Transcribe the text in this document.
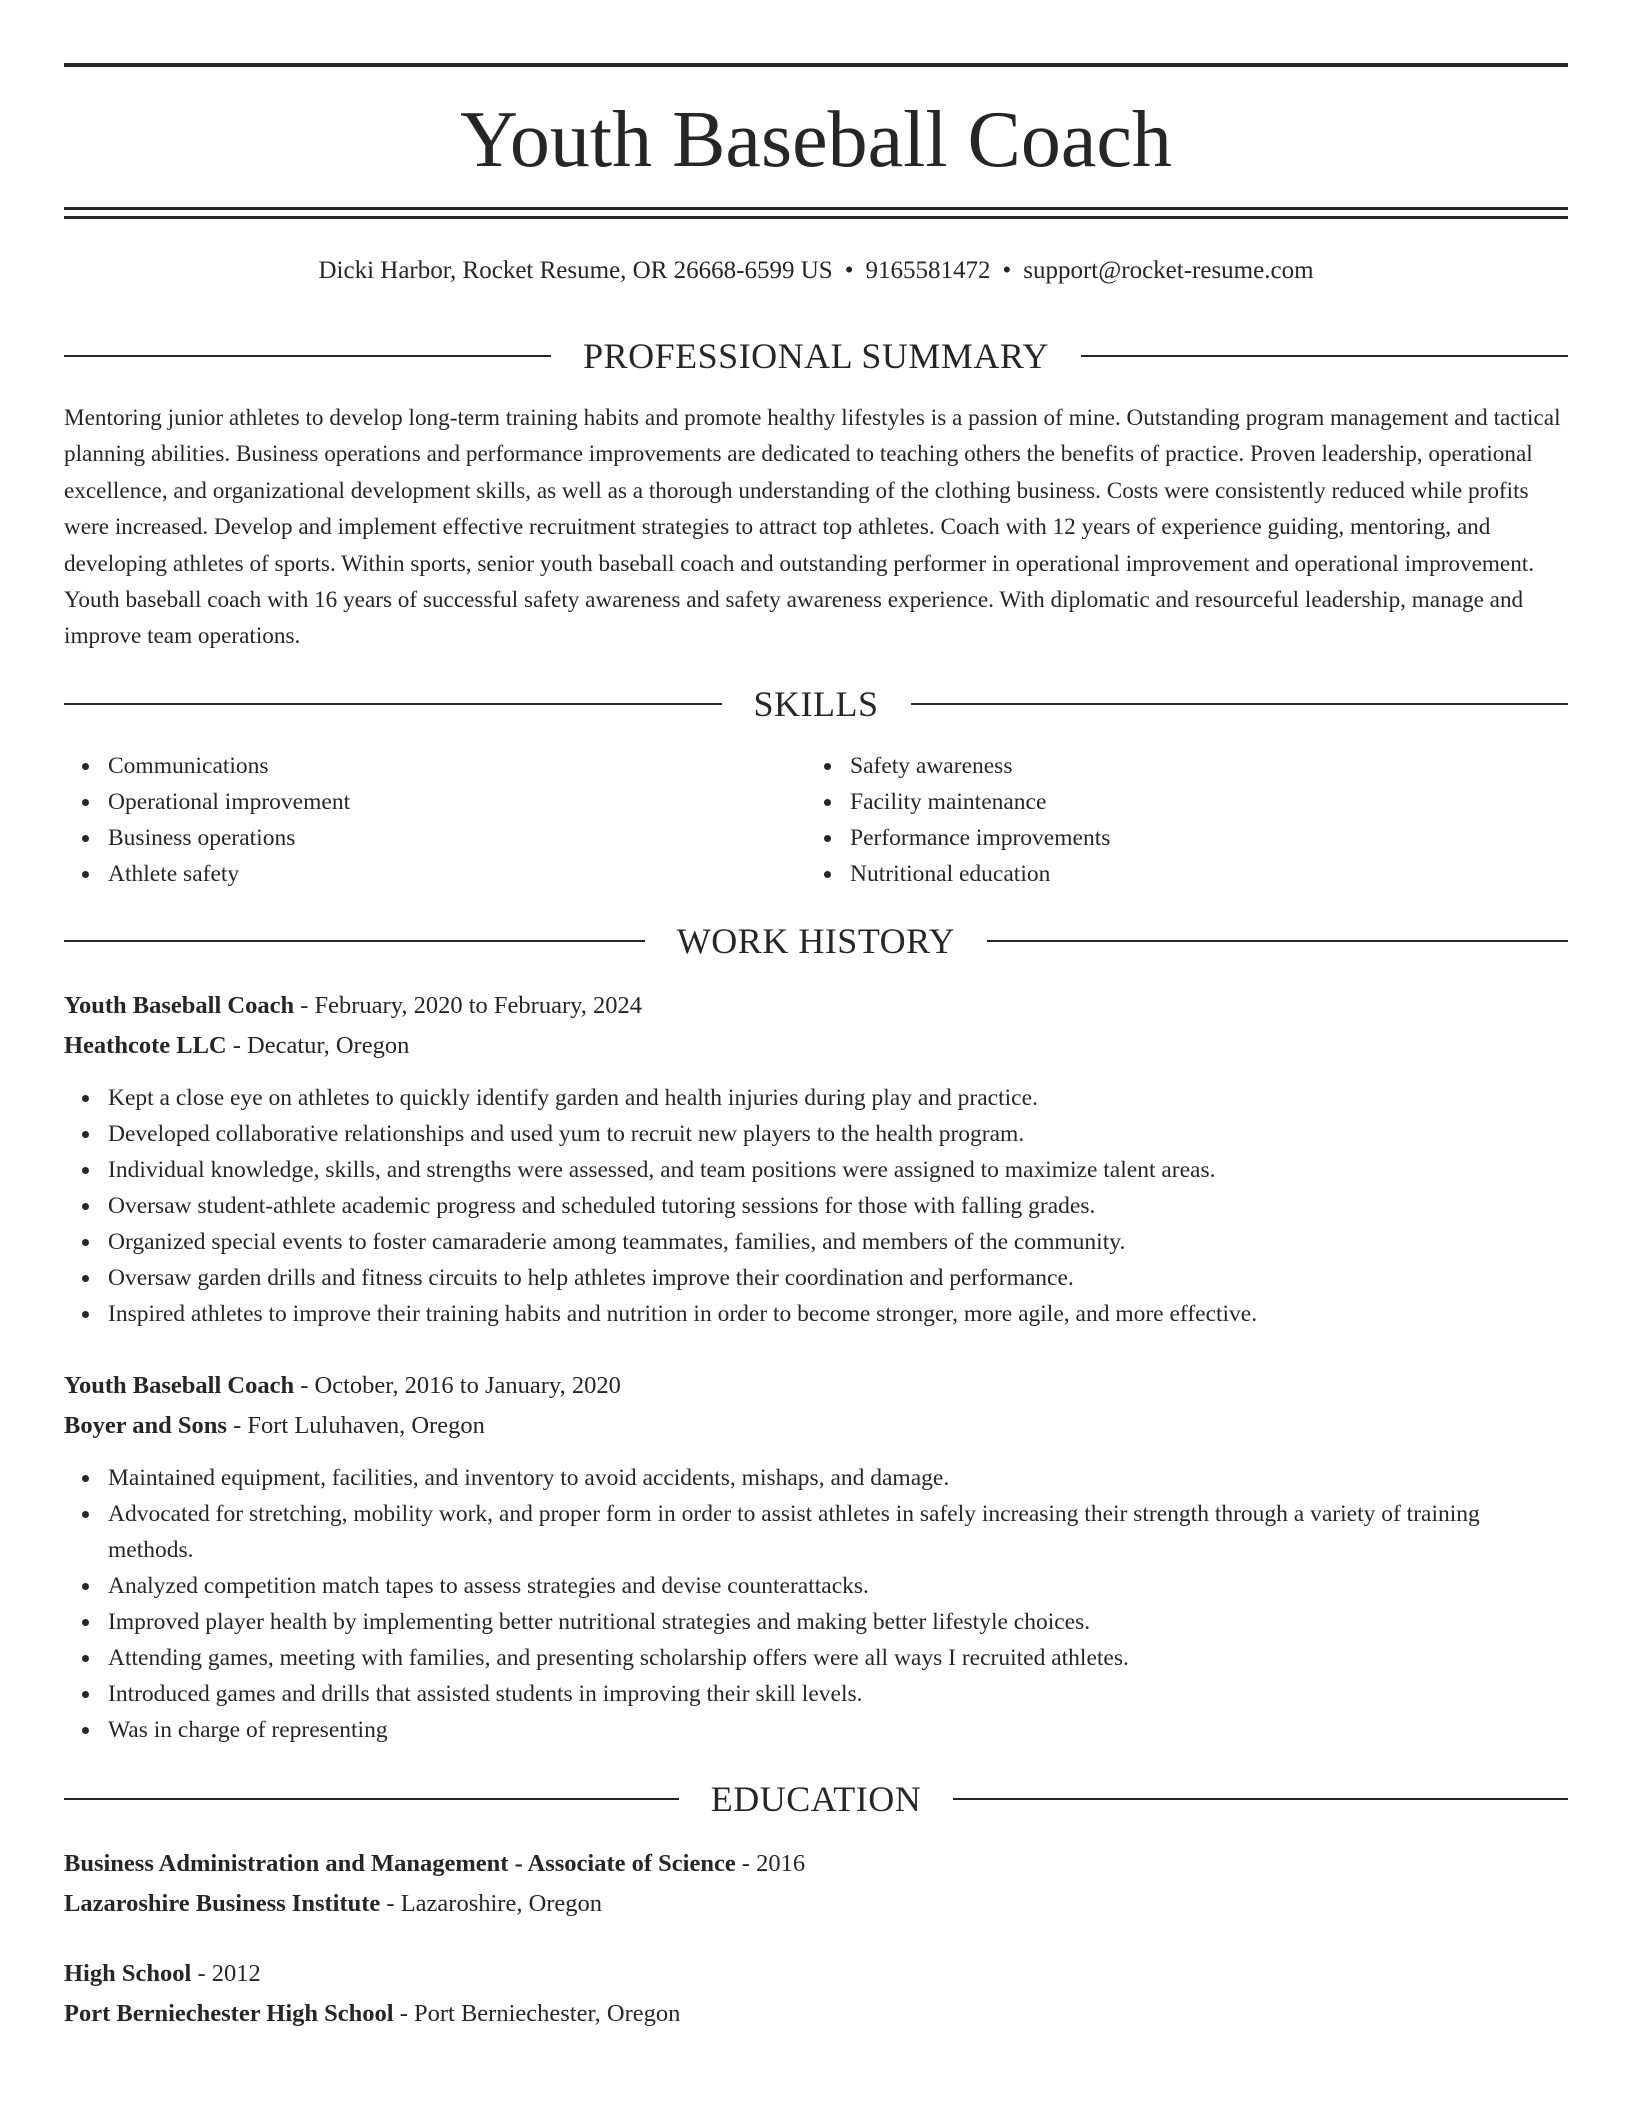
Youth Baseball Coach
Dicki Harbor, Rocket Resume, OR 26668-6599 US • 9165581472 • support@rocket-resume.com
PROFESSIONAL SUMMARY

Mentoring junior athletes to develop long-term training habits and promote healthy lifestyles is a passion of mine. Outstanding program management and tactical planning abilities. Business operations and performance improvements are dedicated to teaching others the benefits of practice. Proven leadership, operational excellence, and organizational development skills, as well as a thorough understanding of the clothing business. Costs were consistently reduced while profits were increased. Develop and implement effective recruitment strategies to attract top athletes. Coach with 12 years of experience guiding, mentoring, and developing athletes of sports. Within sports, senior youth baseball coach and outstanding performer in operational improvement and operational improvement. Youth baseball coach with 16 years of successful safety awareness and safety awareness experience. With diplomatic and resourceful leadership, manage and improve team operations.

SKILLS
Communications
Operational improvement
Business operations
Athlete safety
Safety awareness
Facility maintenance
Performance improvements
Nutritional education
WORK HISTORY
Youth Baseball Coach - February, 2020 to February, 2024
Heathcote LLC - Decatur, Oregon
Kept a close eye on athletes to quickly identify garden and health injuries during play and practice.
Developed collaborative relationships and used yum to recruit new players to the health program.
Individual knowledge, skills, and strengths were assessed, and team positions were assigned to maximize talent areas.
Oversaw student-athlete academic progress and scheduled tutoring sessions for those with falling grades.
Organized special events to foster camaraderie among teammates, families, and members of the community.
Oversaw garden drills and fitness circuits to help athletes improve their coordination and performance.
Inspired athletes to improve their training habits and nutrition in order to become stronger, more agile, and more effective.
Youth Baseball Coach - October, 2016 to January, 2020
Boyer and Sons - Fort Luluhaven, Oregon
Maintained equipment, facilities, and inventory to avoid accidents, mishaps, and damage.
Advocated for stretching, mobility work, and proper form in order to assist athletes in safely increasing their strength through a variety of training methods.
Analyzed competition match tapes to assess strategies and devise counterattacks.
Improved player health by implementing better nutritional strategies and making better lifestyle choices.
Attending games, meeting with families, and presenting scholarship offers were all ways I recruited athletes.
Introduced games and drills that assisted students in improving their skill levels.
Was in charge of representing
EDUCATION
Business Administration and Management - Associate of Science - 2016
Lazaroshire Business Institute - Lazaroshire, Oregon
High School - 2012
Port Berniechester High School - Port Berniechester, Oregon
